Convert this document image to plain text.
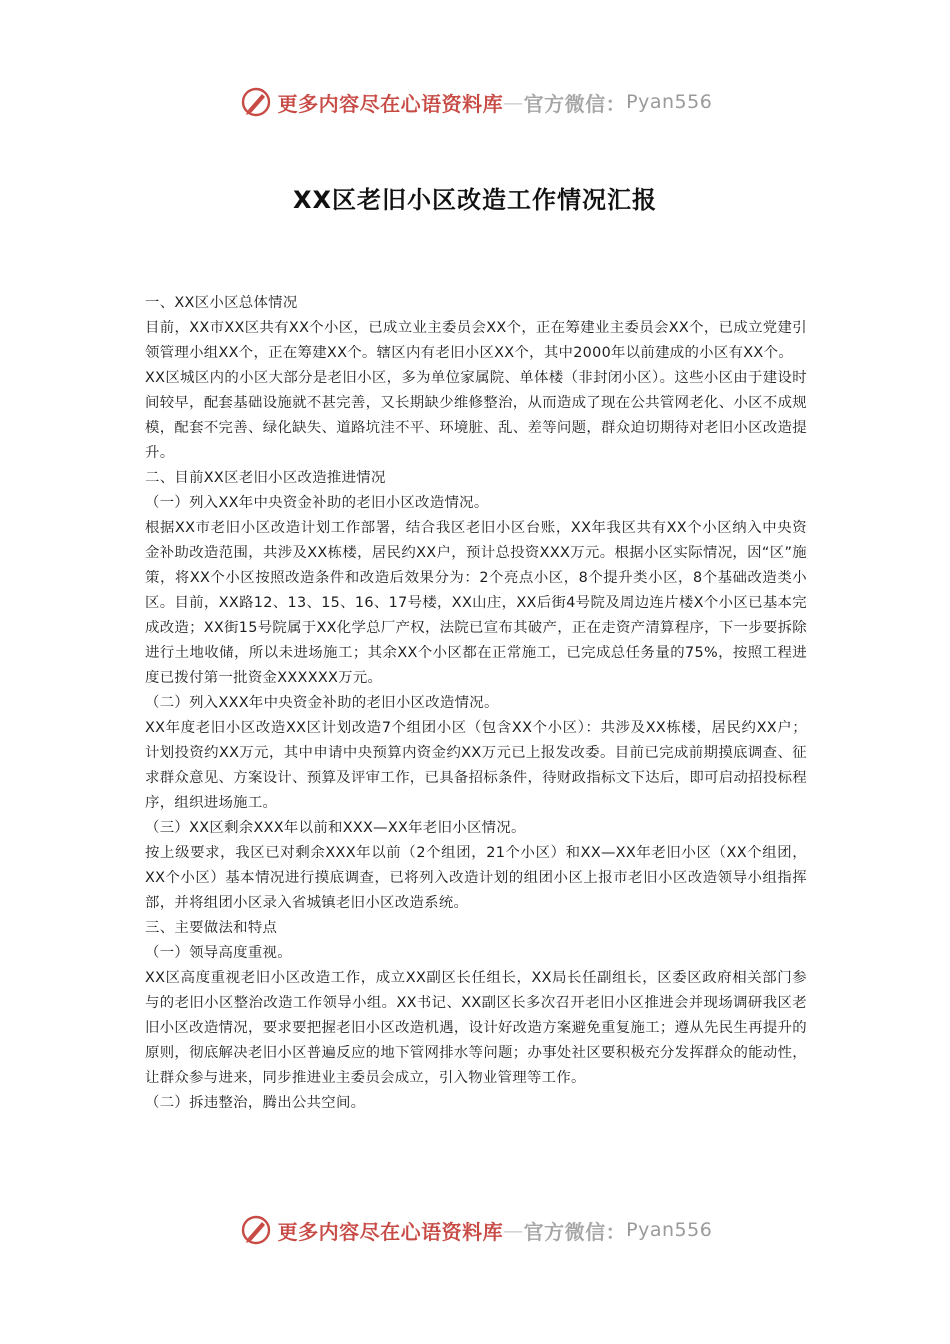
更多内容尽在心语资料库 — 官方微信： Pyan556
XX区老旧小区改造工作情况汇报

一、XX区小区总体情况

目前，XX市XX区共有XX个小区，已成立业主委员会XX个，正在筹建业主委员会XX个，已成立党建引领管理小组XX个，正在筹建XX个。辖区内有老旧小区XX个，其中2000年以前建成的小区有XX个。

XX区城区内的小区大部分是老旧小区，多为单位家属院、单体楼（非封闭小区）。这些小区由于建设时间较早，配套基础设施就不甚完善，又长期缺少维修整治，从而造成了现在公共管网老化、小区不成规模，配套不完善、绿化缺失、道路坑洼不平、环境脏、乱、差等问题，群众迫切期待对老旧小区改造提升。

二、目前XX区老旧小区改造推进情况

（一）列入XX年中央资金补助的老旧小区改造情况。

根据XX市老旧小区改造计划工作部署，结合我区老旧小区台账，XX年我区共有XX个小区纳入中央资金补助改造范围，共涉及XX栋楼，居民约XX户，预计总投资XXX万元。根据小区实际情况，因“区”施策，将XX个小区按照改造条件和改造后效果分为：2个亮点小区，8个提升类小区，8个基础改造类小区。目前，XX路12、13、15、16、17号楼，XX山庄，XX后街4号院及周边连片楼X个小区已基本完成改造；XX街15号院属于XX化学总厂产权，法院已宣布其破产，正在走资产清算程序，下一步要拆除进行土地收储，所以未进场施工；其余XX个小区都在正常施工，已完成总任务量的75%，按照工程进度已拨付第一批资金XXXXXX万元。

（二）列入XXX年中央资金补助的老旧小区改造情况。

XX年度老旧小区改造XX区计划改造7个组团小区（包含XX个小区）：共涉及XX栋楼，居民约XX户；计划投资约XX万元，其中申请中央预算内资金约XX万元已上报发改委。目前已完成前期摸底调查、征求群众意见、方案设计、预算及评审工作，已具备招标条件，待财政指标文下达后，即可启动招投标程序，组织进场施工。

（三）XX区剩余XXX年以前和XXX—XX年老旧小区情况。

按上级要求，我区已对剩余XXX年以前（2个组团，21个小区）和XX—XX年老旧小区（XX个组团，XX个小区）基本情况进行摸底调查，已将列入改造计划的组团小区上报市老旧小区改造领导小组指挥部，并将组团小区录入省城镇老旧小区改造系统。

三、主要做法和特点

（一）领导高度重视。

XX区高度重视老旧小区改造工作，成立XX副区长任组长，XX局长任副组长，区委区政府相关部门参与的老旧小区整治改造工作领导小组。XX书记、XX副区长多次召开老旧小区推进会并现场调研我区老旧小区改造情况，要求要把握老旧小区改造机遇，设计好改造方案避免重复施工；遵从先民生再提升的原则，彻底解决老旧小区普遍反应的地下管网排水等问题；办事处社区要积极充分发挥群众的能动性，让群众参与进来，同步推进业主委员会成立，引入物业管理等工作。

（二）拆违整治，腾出公共空间。

更多内容尽在心语资料库 — 官方微信： Pyan556
